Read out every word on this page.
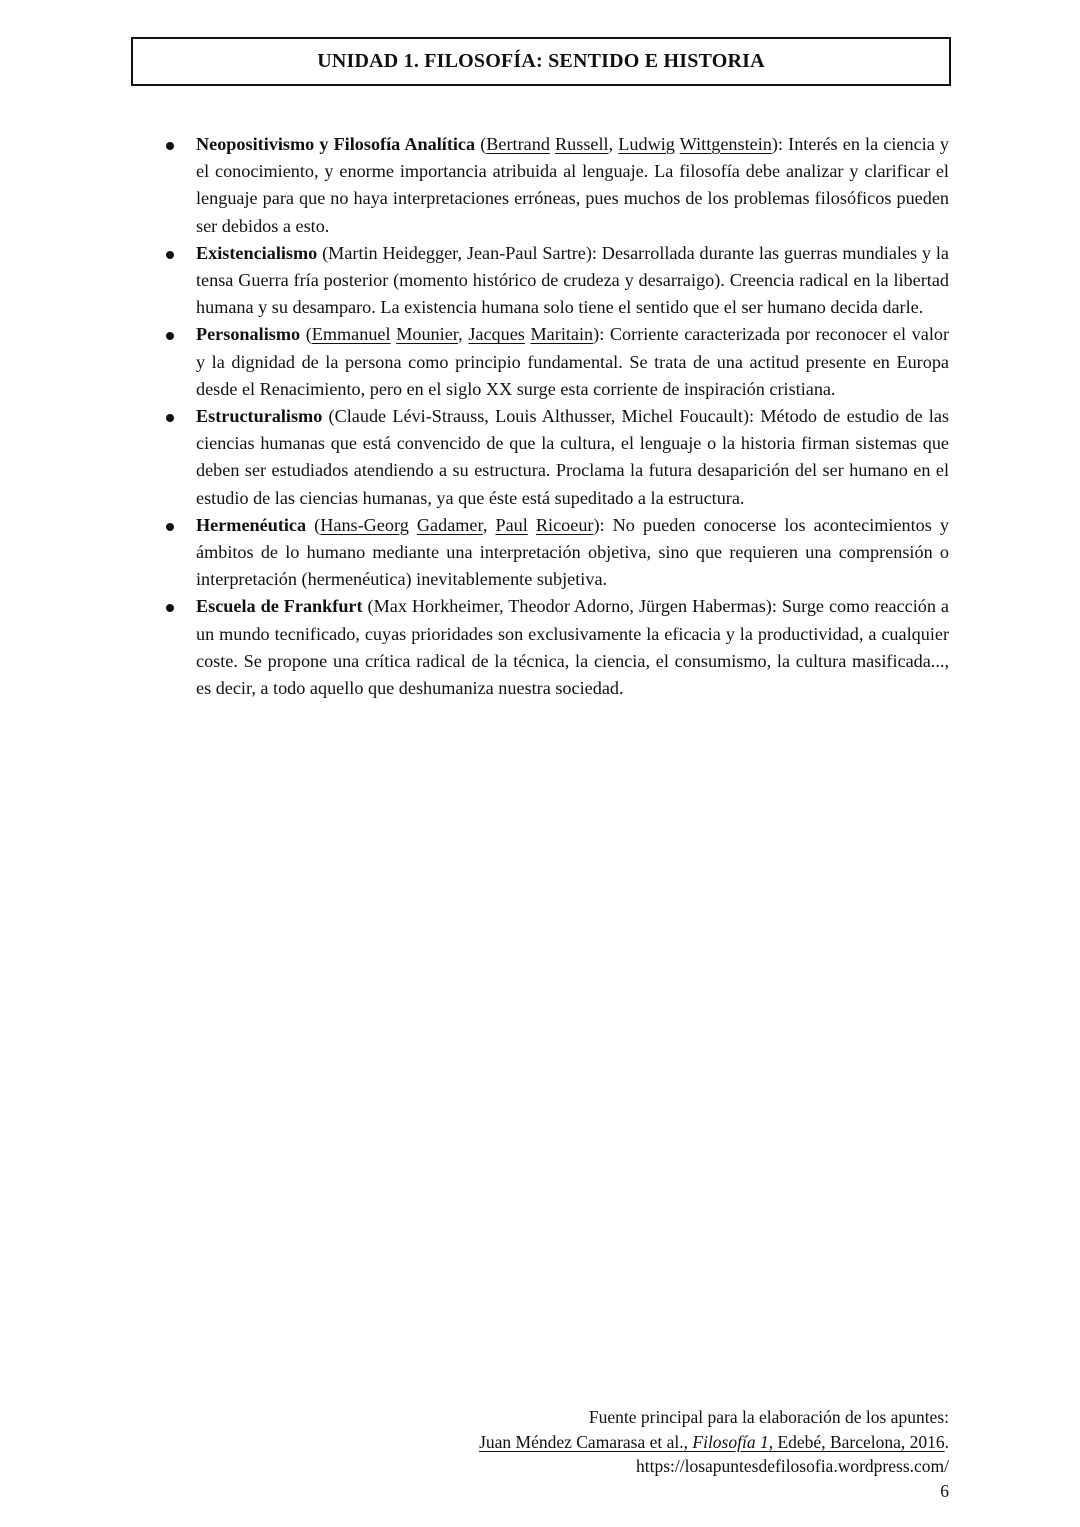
UNIDAD 1. FILOSOFÍA: SENTIDO E HISTORIA
Neopositivismo y Filosofía Analítica (Bertrand Russell, Ludwig Wittgenstein): Interés en la ciencia y el conocimiento, y enorme importancia atribuida al lenguaje. La filosofía debe analizar y clarificar el lenguaje para que no haya interpretaciones erróneas, pues muchos de los problemas filosóficos pueden ser debidos a esto.
Existencialismo (Martin Heidegger, Jean-Paul Sartre): Desarrollada durante las guerras mundiales y la tensa Guerra fría posterior (momento histórico de crudeza y desarraigo). Creencia radical en la libertad humana y su desamparo. La existencia humana solo tiene el sentido que el ser humano decida darle.
Personalismo (Emmanuel Mounier, Jacques Maritain): Corriente caracterizada por reconocer el valor y la dignidad de la persona como principio fundamental. Se trata de una actitud presente en Europa desde el Renacimiento, pero en el siglo XX surge esta corriente de inspiración cristiana.
Estructuralismo (Claude Lévi-Strauss, Louis Althusser, Michel Foucault): Método de estudio de las ciencias humanas que está convencido de que la cultura, el lenguaje o la historia firman sistemas que deben ser estudiados atendiendo a su estructura. Proclama la futura desaparición del ser humano en el estudio de las ciencias humanas, ya que éste está supeditado a la estructura.
Hermenéutica (Hans-Georg Gadamer, Paul Ricoeur): No pueden conocerse los acontecimientos y ámbitos de lo humano mediante una interpretación objetiva, sino que requieren una comprensión o interpretación (hermenéutica) inevitablemente subjetiva.
Escuela de Frankfurt (Max Horkheimer, Theodor Adorno, Jürgen Habermas): Surge como reacción a un mundo tecnificado, cuyas prioridades son exclusivamente la eficacia y la productividad, a cualquier coste. Se propone una crítica radical de la técnica, la ciencia, el consumismo, la cultura masificada..., es decir, a todo aquello que deshumaniza nuestra sociedad.
Fuente principal para la elaboración de los apuntes:
Juan Méndez Camarasa et al., Filosofía 1, Edebé, Barcelona, 2016.
https://losapuntesdefilosofia.wordpress.com/
6
